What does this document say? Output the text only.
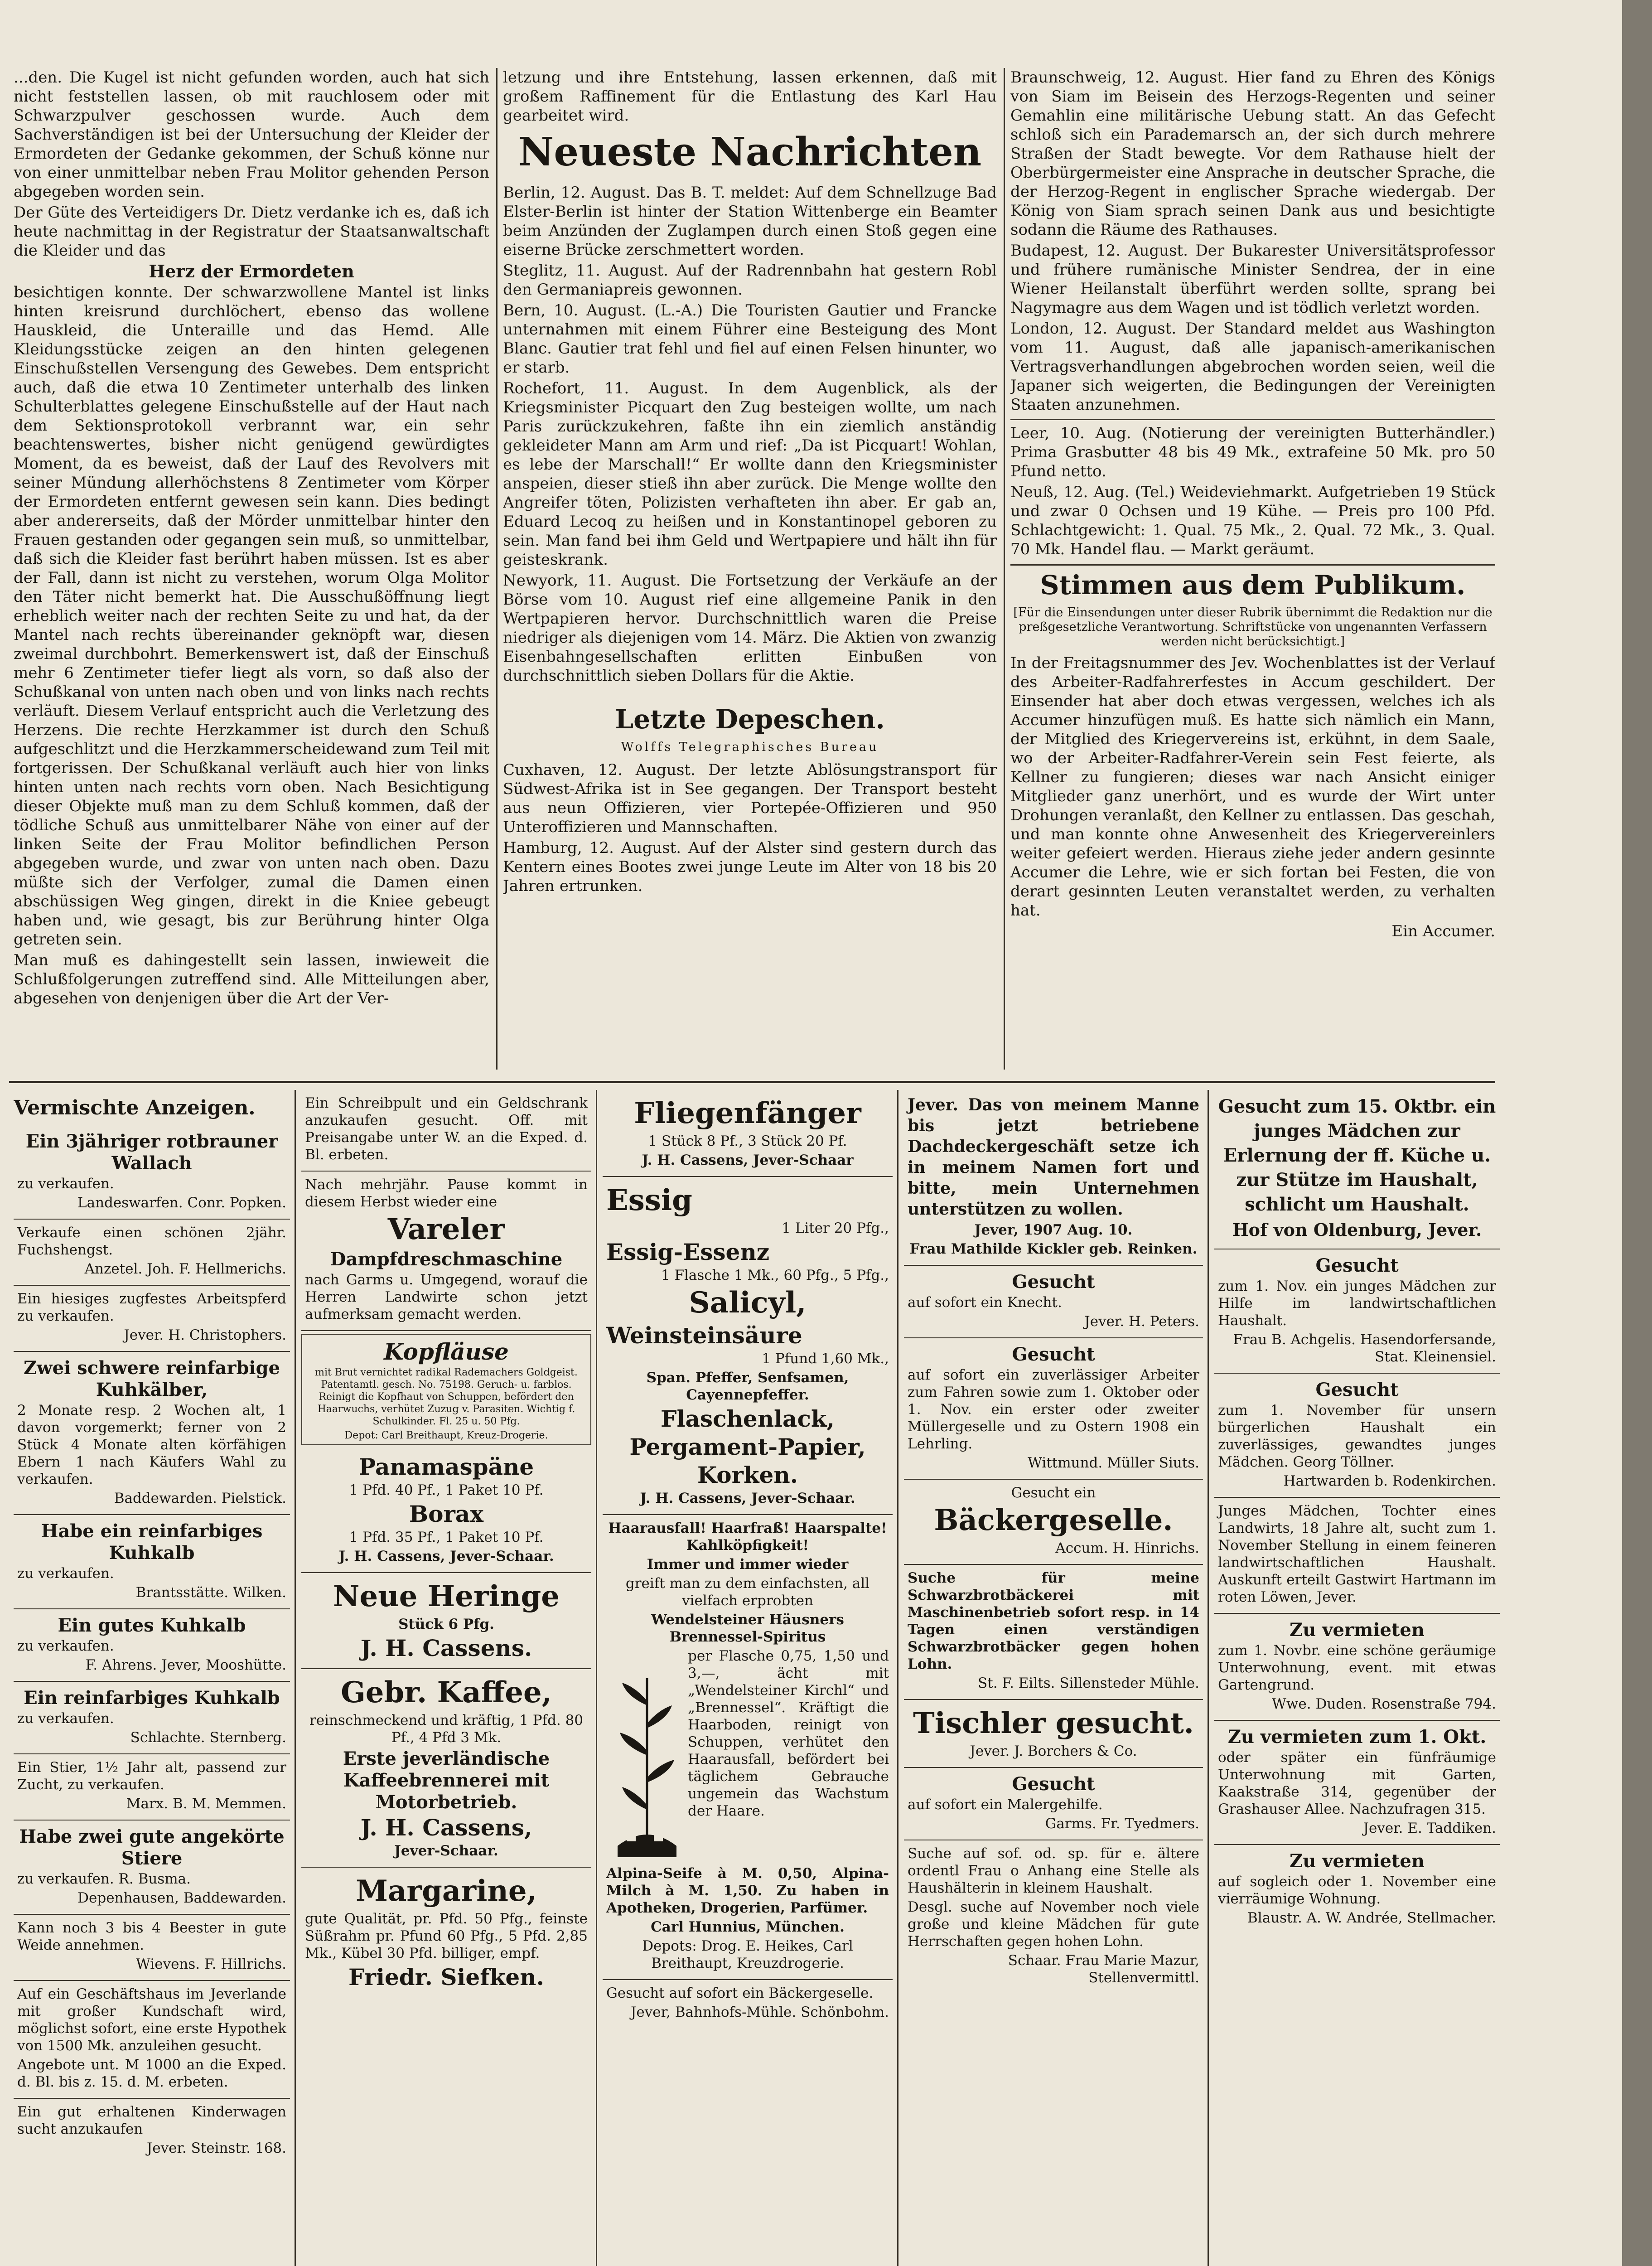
...den. Die Kugel ist nicht gefunden worden, auch hat sich nicht feststellen lassen, ob mit rauchlosem oder mit Schwarzpulver geschossen wurde. Auch dem Sachverständigen ist bei der Untersuchung der Kleider der Ermordeten der Gedanke gekommen, der Schuß könne nur von einer unmittelbar neben Frau Molitor gehenden Person abgegeben worden sein.

Der Güte des Verteidigers Dr. Dietz verdanke ich es, daß ich heute nachmittag in der Registratur der Staatsanwaltschaft die Kleider und das

Herz der Ermordeten

besichtigen konnte. Der schwarzwollene Mantel ist links hinten kreisrund durchlöchert, ebenso das wollene Hauskleid, die Unteraille und das Hemd. Alle Kleidungsstücke zeigen an den hinten gelegenen Einschußstellen Versengung des Gewebes. Dem entspricht auch, daß die etwa 10 Zentimeter unterhalb des linken Schulterblattes gelegene Einschußstelle auf der Haut nach dem Sektionsprotokoll verbrannt war, ein sehr beachtenswertes, bisher nicht genügend gewürdigtes Moment, da es beweist, daß der Lauf des Revolvers mit seiner Mündung allerhöchstens 8 Zentimeter vom Körper der Ermordeten entfernt gewesen sein kann. Dies bedingt aber andererseits, daß der Mörder unmittelbar hinter den Frauen gestanden oder gegangen sein muß, so unmittelbar, daß sich die Kleider fast berührt haben müssen. Ist es aber der Fall, dann ist nicht zu verstehen, worum Olga Molitor den Täter nicht bemerkt hat. Die Ausschußöffnung liegt erheblich weiter nach der rechten Seite zu und hat, da der Mantel nach rechts übereinander geknöpft war, diesen zweimal durchbohrt. Bemerkenswert ist, daß der Einschuß mehr 6 Zentimeter tiefer liegt als vorn, so daß also der Schußkanal von unten nach oben und von links nach rechts verläuft. Diesem Verlauf entspricht auch die Verletzung des Herzens. Die rechte Herzkammer ist durch den Schuß aufgeschlitzt und die Herzkammerscheidewand zum Teil mit fortgerissen. Der Schußkanal verläuft auch hier von links hinten unten nach rechts vorn oben. Nach Besichtigung dieser Objekte muß man zu dem Schluß kommen, daß der tödliche Schuß aus unmittelbarer Nähe von einer auf der linken Seite der Frau Molitor befindlichen Person abgegeben wurde, und zwar von unten nach oben. Dazu müßte sich der Verfolger, zumal die Damen einen abschüssigen Weg gingen, direkt in die Kniee gebeugt haben und, wie gesagt, bis zur Berührung hinter Olga getreten sein.

Man muß es dahingestellt sein lassen, inwieweit die Schlußfolgerungen zutreffend sind. Alle Mitteilungen aber, abgesehen von denjenigen über die Art der Ver-

letzung und ihre Entstehung, lassen erkennen, daß mit großem Raffinement für die Entlastung des Karl Hau gearbeitet wird.

Neueste Nachrichten

Berlin, 12. August. Das B. T. meldet: Auf dem Schnellzuge Bad Elster-Berlin ist hinter der Station Wittenberge ein Beamter beim Anzünden der Zuglampen durch einen Stoß gegen eine eiserne Brücke zerschmettert worden.

Steglitz, 11. August. Auf der Radrennbahn hat gestern Robl den Germaniapreis gewonnen.

Bern, 10. August. (L.-A.) Die Touristen Gautier und Francke unternahmen mit einem Führer eine Besteigung des Mont Blanc. Gautier trat fehl und fiel auf einen Felsen hinunter, wo er starb.

Rochefort, 11. August. In dem Augenblick, als der Kriegsminister Picquart den Zug besteigen wollte, um nach Paris zurückzukehren, faßte ihn ein ziemlich anständig gekleideter Mann am Arm und rief: „Da ist Picquart! Wohlan, es lebe der Marschall!“ Er wollte dann den Kriegsminister anspeien, dieser stieß ihn aber zurück. Die Menge wollte den Angreifer töten, Polizisten verhafteten ihn aber. Er gab an, Eduard Lecoq zu heißen und in Konstantinopel geboren zu sein. Man fand bei ihm Geld und Wertpapiere und hält ihn für geisteskrank.

Newyork, 11. August. Die Fortsetzung der Verkäufe an der Börse vom 10. August rief eine allgemeine Panik in den Wertpapieren hervor. Durchschnittlich waren die Preise niedriger als diejenigen vom 14. März. Die Aktien von zwanzig Eisenbahngesellschaften erlitten Einbußen von durchschnittlich sieben Dollars für die Aktie.

Letzte Depeschen.
Wolffs Telegraphisches Bureau

Cuxhaven, 12. August. Der letzte Ablösungstransport für Südwest-Afrika ist in See gegangen. Der Transport besteht aus neun Offizieren, vier Portepée-Offizieren und 950 Unteroffizieren und Mannschaften.

Hamburg, 12. August. Auf der Alster sind gestern durch das Kentern eines Bootes zwei junge Leute im Alter von 18 bis 20 Jahren ertrunken.

Braunschweig, 12. August. Hier fand zu Ehren des Königs von Siam im Beisein des Herzogs-Regenten und seiner Gemahlin eine militärische Uebung statt. An das Gefecht schloß sich ein Parademarsch an, der sich durch mehrere Straßen der Stadt bewegte. Vor dem Rathause hielt der Oberbürgermeister eine Ansprache in deutscher Sprache, die der Herzog-Regent in englischer Sprache wiedergab. Der König von Siam sprach seinen Dank aus und besichtigte sodann die Räume des Rathauses.

Budapest, 12. August. Der Bukarester Universitätsprofessor und frühere rumänische Minister Sendrea, der in eine Wiener Heilanstalt überführt werden sollte, sprang bei Nagymagre aus dem Wagen und ist tödlich verletzt worden.

London, 12. August. Der Standard meldet aus Washington vom 11. August, daß alle japanisch-amerikanischen Vertragsverhandlungen abgebrochen worden seien, weil die Japaner sich weigerten, die Bedingungen der Vereinigten Staaten anzunehmen.

Leer, 10. Aug. (Notierung der vereinigten Butterhändler.) Prima Grasbutter 48 bis 49 Mk., extrafeine 50 Mk. pro 50 Pfund netto.

Neuß, 12. Aug. (Tel.) Weideviehmarkt. Aufgetrieben 19 Stück und zwar 0 Ochsen und 19 Kühe. — Preis pro 100 Pfd. Schlachtgewicht: 1. Qual. 75 Mk., 2. Qual. 72 Mk., 3. Qual. 70 Mk. Handel flau. — Markt geräumt.

Stimmen aus dem Publikum.
[Für die Einsendungen unter dieser Rubrik übernimmt die Redaktion nur die preßgesetzliche Verantwortung. Schriftstücke von ungenannten Verfassern werden nicht berücksichtigt.]

In der Freitagsnummer des Jev. Wochenblattes ist der Verlauf des Arbeiter-Radfahrerfestes in Accum geschildert. Der Einsender hat aber doch etwas vergessen, welches ich als Accumer hinzufügen muß. Es hatte sich nämlich ein Mann, der Mitglied des Kriegervereins ist, erkühnt, in dem Saale, wo der Arbeiter-Radfahrer-Verein sein Fest feierte, als Kellner zu fungieren; dieses war nach Ansicht einiger Mitglieder ganz unerhört, und es wurde der Wirt unter Drohungen veranlaßt, den Kellner zu entlassen. Das geschah, und man konnte ohne Anwesenheit des Kriegervereinlers weiter gefeiert werden. Hieraus ziehe jeder andern gesinnte Accumer die Lehre, wie er sich fortan bei Festen, die von derart gesinnten Leuten veranstaltet werden, zu verhalten hat.

Ein Accumer.

Vermischte Anzeigen.
Ein 3jähriger rotbrauner Wallach

zu verkaufen.

Landeswarfen. Conr. Popken.

Verkaufe einen schönen 2jähr. Fuchshengst.

Anzetel. Joh. F. Hellmerichs.

Ein hiesiges zugfestes Arbeitspferd zu verkaufen.

Jever. H. Christophers.

Zwei schwere reinfarbige Kuhkälber,

2 Monate resp. 2 Wochen alt, 1 davon vorgemerkt; ferner von 2 Stück 4 Monate alten körfähigen Ebern 1 nach Käufers Wahl zu verkaufen.

Baddewarden. Pielstick.

Habe ein reinfarbiges Kuhkalb

zu verkaufen.

Brantsstätte. Wilken.

Ein gutes Kuhkalb

zu verkaufen.

F. Ahrens. Jever, Mooshütte.

Ein reinfarbiges Kuhkalb

zu verkaufen.

Schlachte. Sternberg.

Ein Stier, 1½ Jahr alt, passend zur Zucht, zu verkaufen.

Marx. B. M. Memmen.

Habe zwei gute angekörte Stiere

zu verkaufen. R. Busma.

Depenhausen, Baddewarden.

Kann noch 3 bis 4 Beester in gute Weide annehmen.

Wievens. F. Hillrichs.

Auf ein Geschäftshaus im Jeverlande mit großer Kundschaft wird, möglichst sofort, eine erste Hypothek von 1500 Mk. anzuleihen gesucht.

Angebote unt. M 1000 an die Exped. d. Bl. bis z. 15. d. M. erbeten.

Ein gut erhaltenen Kinderwagen sucht anzukaufen

Jever. Steinstr. 168.

Ein Schreibpult und ein Geldschrank anzukaufen gesucht. Off. mit Preisangabe unter W. an die Exped. d. Bl. erbeten.

Nach mehrjähr. Pause kommt in diesem Herbst wieder eine

Vareler
Dampfdreschmaschine

nach Garms u. Umgegend, worauf die Herren Landwirte schon jetzt aufmerksam gemacht werden.

Kopfläuse
mit Brut vernichtet radikal Rademachers Goldgeist. Patentamtl. gesch. No. 75198. Geruch- u. farblos. Reinigt die Kopfhaut von Schuppen, befördert den Haarwuchs, verhütet Zuzug v. Parasiten. Wichtig f. Schulkinder. Fl. 25 u. 50 Pfg.
Depot: Carl Breithaupt, Kreuz-Drogerie.
Panamaspäne

1 Pfd. 40 Pf., 1 Paket 10 Pf.

Borax

1 Pfd. 35 Pf., 1 Paket 10 Pf.

J. H. Cassens, Jever-Schaar.

Neue Heringe

Stück 6 Pfg.

J. H. Cassens.
Gebr. Kaffee,

reinschmeckend und kräftig, 1 Pfd. 80 Pf., 4 Pfd 3 Mk.

Erste jeverländische Kaffeebrennerei mit Motorbetrieb.
J. H. Cassens,

Jever-Schaar.

Margarine,

gute Qualität, pr. Pfd. 50 Pfg., feinste Süßrahm pr. Pfund 60 Pfg., 5 Pfd. 2,85 Mk., Kübel 30 Pfd. billiger, empf.

Friedr. Siefken.
Fliegenfänger

1 Stück 8 Pf., 3 Stück 20 Pf.

J. H. Cassens, Jever-Schaar

Essig

1 Liter 20 Pfg.,

Essig-Essenz

1 Flasche 1 Mk., 60 Pfg., 5 Pfg.,

Salicyl,
Weinsteinsäure

1 Pfund 1,60 Mk.,

Span. Pfeffer, Senfsamen, Cayennepfeffer.

Flaschenlack,
Pergament-Papier,
Korken.

J. H. Cassens, Jever-Schaar.

Haarausfall! Haarfraß! Haarspalte! Kahlköpfigkeit!

Immer und immer wieder

greift man zu dem einfachsten, all vielfach erprobten

Wendelsteiner Häusners Brennessel-Spiritus

per Flasche 0,75, 1,50 und 3,—, ächt mit „Wendelsteiner Kirchl“ und „Brennessel“. Kräftigt die Haarboden, reinigt von Schuppen, verhütet den Haarausfall, befördert bei täglichem Gebrauche ungemein das Wachstum der Haare.

Alpina-Seife à M. 0,50, Alpina-Milch à M. 1,50. Zu haben in Apotheken, Drogerien, Parfümer.

Carl Hunnius, München.

Depots: Drog. E. Heikes, Carl Breithaupt, Kreuzdrogerie.

Gesucht auf sofort ein Bäckergeselle.

Jever, Bahnhofs-Mühle. Schönbohm.

Jever. Das von meinem Manne bis jetzt betriebene Dachdeckergeschäft setze ich in meinem Namen fort und bitte, mein Unternehmen unterstützen zu wollen.

Jever, 1907 Aug. 10.

Frau Mathilde Kickler geb. Reinken.

Gesucht

auf sofort ein Knecht.

Jever. H. Peters.

Gesucht

auf sofort ein zuverlässiger Arbeiter zum Fahren sowie zum 1. Oktober oder 1. Nov. ein erster oder zweiter Müllergeselle und zu Ostern 1908 ein Lehrling.

Wittmund. Müller Siuts.

Gesucht ein

Bäckergeselle.

Accum. H. Hinrichs.

Suche für meine Schwarzbrotbäckerei mit Maschinenbetrieb sofort resp. in 14 Tagen einen verständigen Schwarzbrotbäcker gegen hohen Lohn.

St. F. Eilts. Sillensteder Mühle.

Tischler gesucht.

Jever. J. Borchers & Co.

Gesucht

auf sofort ein Malergehilfe.

Garms. Fr. Tyedmers.

Suche auf sof. od. sp. für e. ältere ordentl Frau o Anhang eine Stelle als Haushälterin in kleinem Haushalt.

Desgl. suche auf November noch viele große und kleine Mädchen für gute Herrschaften gegen hohen Lohn.

Schaar. Frau Marie Mazur, Stellenvermittl.

Gesucht zum 15. Oktbr. ein junges Mädchen zur Erlernung der ff. Küche u. zur Stütze im Haushalt, schlicht um Haushalt.

Hof von Oldenburg, Jever.

Gesucht

zum 1. Nov. ein junges Mädchen zur Hilfe im landwirtschaftlichen Haushalt.

Frau B. Achgelis. Hasendorfersande, Stat. Kleinensiel.

Gesucht

zum 1. November für unsern bürgerlichen Haushalt ein zuverlässiges, gewandtes junges Mädchen. Georg Töllner.

Hartwarden b. Rodenkirchen.

Junges Mädchen, Tochter eines Landwirts, 18 Jahre alt, sucht zum 1. November Stellung in einem feineren landwirtschaftlichen Haushalt. Auskunft erteilt Gastwirt Hartmann im roten Löwen, Jever.

Zu vermieten

zum 1. Novbr. eine schöne geräumige Unterwohnung, event. mit etwas Gartengrund.

Wwe. Duden. Rosenstraße 794.

Zu vermieten zum 1. Okt.

oder später ein fünfräumige Unterwohnung mit Garten, Kaakstraße 314, gegenüber der Grashauser Allee. Nachzufragen 315.

Jever. E. Taddiken.

Zu vermieten

auf sogleich oder 1. November eine vierräumige Wohnung.

Blaustr. A. W. Andrée, Stellmacher.
